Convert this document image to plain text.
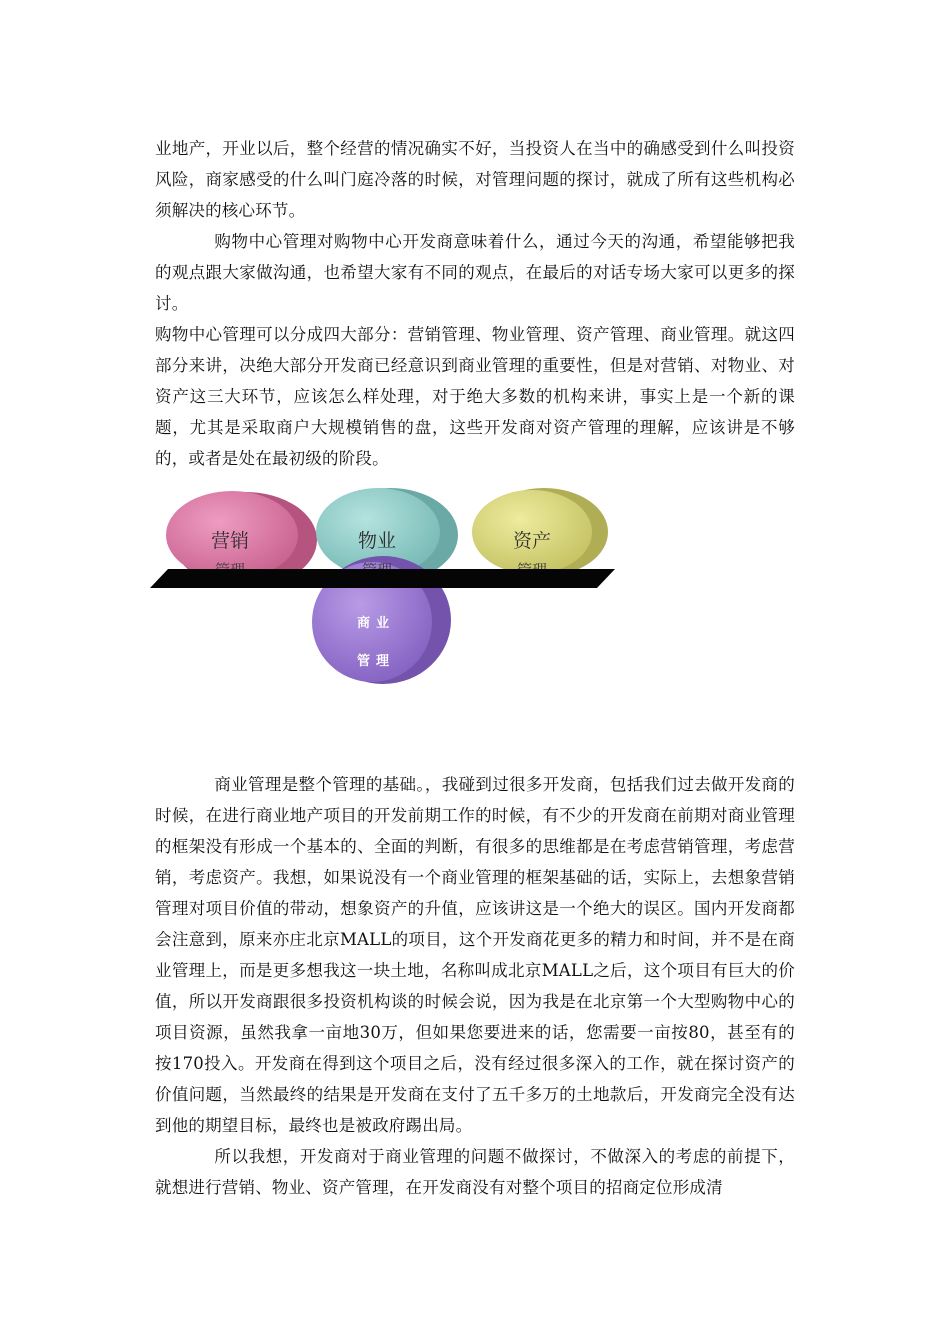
业地产，开业以后，整个经营的情况确实不好，当投资人在当中的确感受到什么叫投资风险，商家感受的什么叫门庭冷落的时候，对管理问题的探讨，就成了所有这些机构必须解决的核心环节。

购物中心管理对购物中心开发商意味着什么，通过今天的沟通，希望能够把我的观点跟大家做沟通，也希望大家有不同的观点，在最后的对话专场大家可以更多的探讨。

购物中心管理可以分成四大部分：营销管理、物业管理、资产管理、商业管理。就这四部分来讲，决绝大部分开发商已经意识到商业管理的重要性，但是对营销、对物业、对资产这三大环节，应该怎么样处理，对于绝大多数的机构来讲，事实上是一个新的课题，尤其是采取商户大规模销售的盘，这些开发商对资产管理的理解，应该讲是不够的，或者是处在最初级的阶段。

营销	物业	资产
商业
管理

商业管理是整个管理的基础。，我碰到过很多开发商，包括我们过去做开发商的时候，在进行商业地产项目的开发前期工作的时候，有不少的开发商在前期对商业管理的框架没有形成一个基本的、全面的判断，有很多的思维都是在考虑营销管理，考虑营销，考虑资产。我想，如果说没有一个商业管理的框架基础的话，实际上，去想象营销管理对项目价值的带动，想象资产的升值，应该讲这是一个绝大的误区。国内开发商都会注意到，原来亦庄北京MALL的项目，这个开发商花更多的精力和时间，并不是在商业管理上，而是更多想我这一块土地，名称叫成北京MALL之后，这个项目有巨大的价值，所以开发商跟很多投资机构谈的时候会说，因为我是在北京第一个大型购物中心的项目资源，虽然我拿一亩地30万，但如果您要进来的话，您需要一亩按80，甚至有的按170投入。开发商在得到这个项目之后，没有经过很多深入的工作，就在探讨资产的价值问题，当然最终的结果是开发商在支付了五千多万的土地款后，开发商完全没有达到他的期望目标，最终也是被政府踢出局。

所以我想，开发商对于商业管理的问题不做探讨，不做深入的考虑的前提下，就想进行营销、物业、资产管理，在开发商没有对整个项目的招商定位形成清
